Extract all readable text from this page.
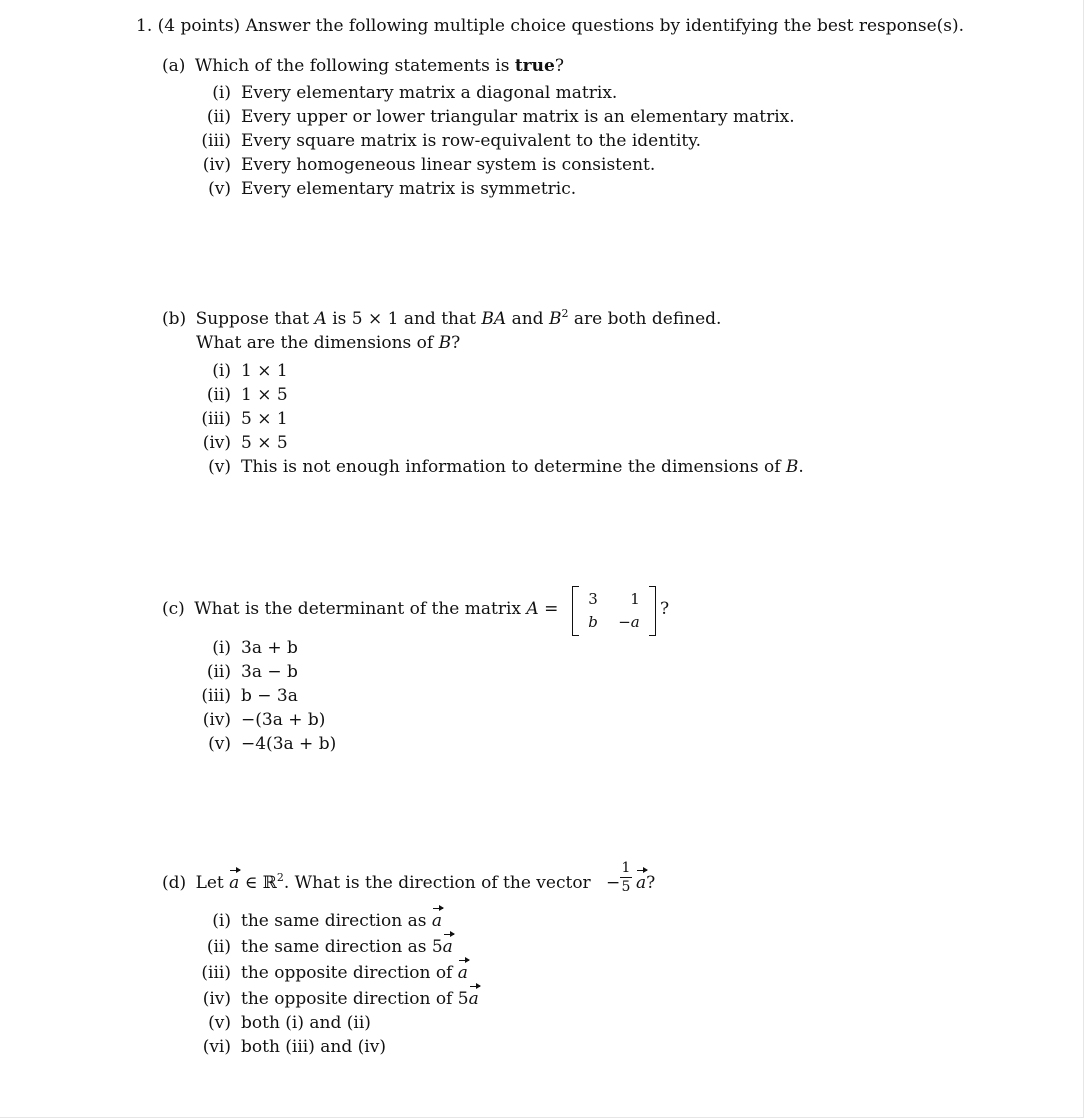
1. (4 points) Answer the following multiple choice questions by identifying the best response(s).
(a) Which of the following statements is true?
(i) Every elementary matrix a diagonal matrix.
(ii) Every upper or lower triangular matrix is an elementary matrix.
(iii) Every square matrix is row-equivalent to the identity.
(iv) Every homogeneous linear system is consistent.
(v) Every elementary matrix is symmetric.
(b) Suppose that A is 5 × 1 and that BA and $B^2$ are both defined.
What are the dimensions of B?
(i) 1 × 1
(ii) 1 × 5
(iii) 5 × 1
(iv) 5 × 5
(v) This is not enough information to determine the dimensions of B.
(c) What is the determinant of the matrix A =	3	1
b	−a
?
(i) 3a + b
(ii) 3a − b
(iii) b − 3a
(iv) −(3a + b)
(v) −4(3a + b)
(d) Let a ∈ ℝ$^2$. What is the direction of the vector −
1
5 a?
(i) the same direction as a
(ii) the same direction as 5a
(iii) the opposite direction of a
(iv) the opposite direction of 5a
(v) both (i) and (ii)
(vi) both (iii) and (iv)
